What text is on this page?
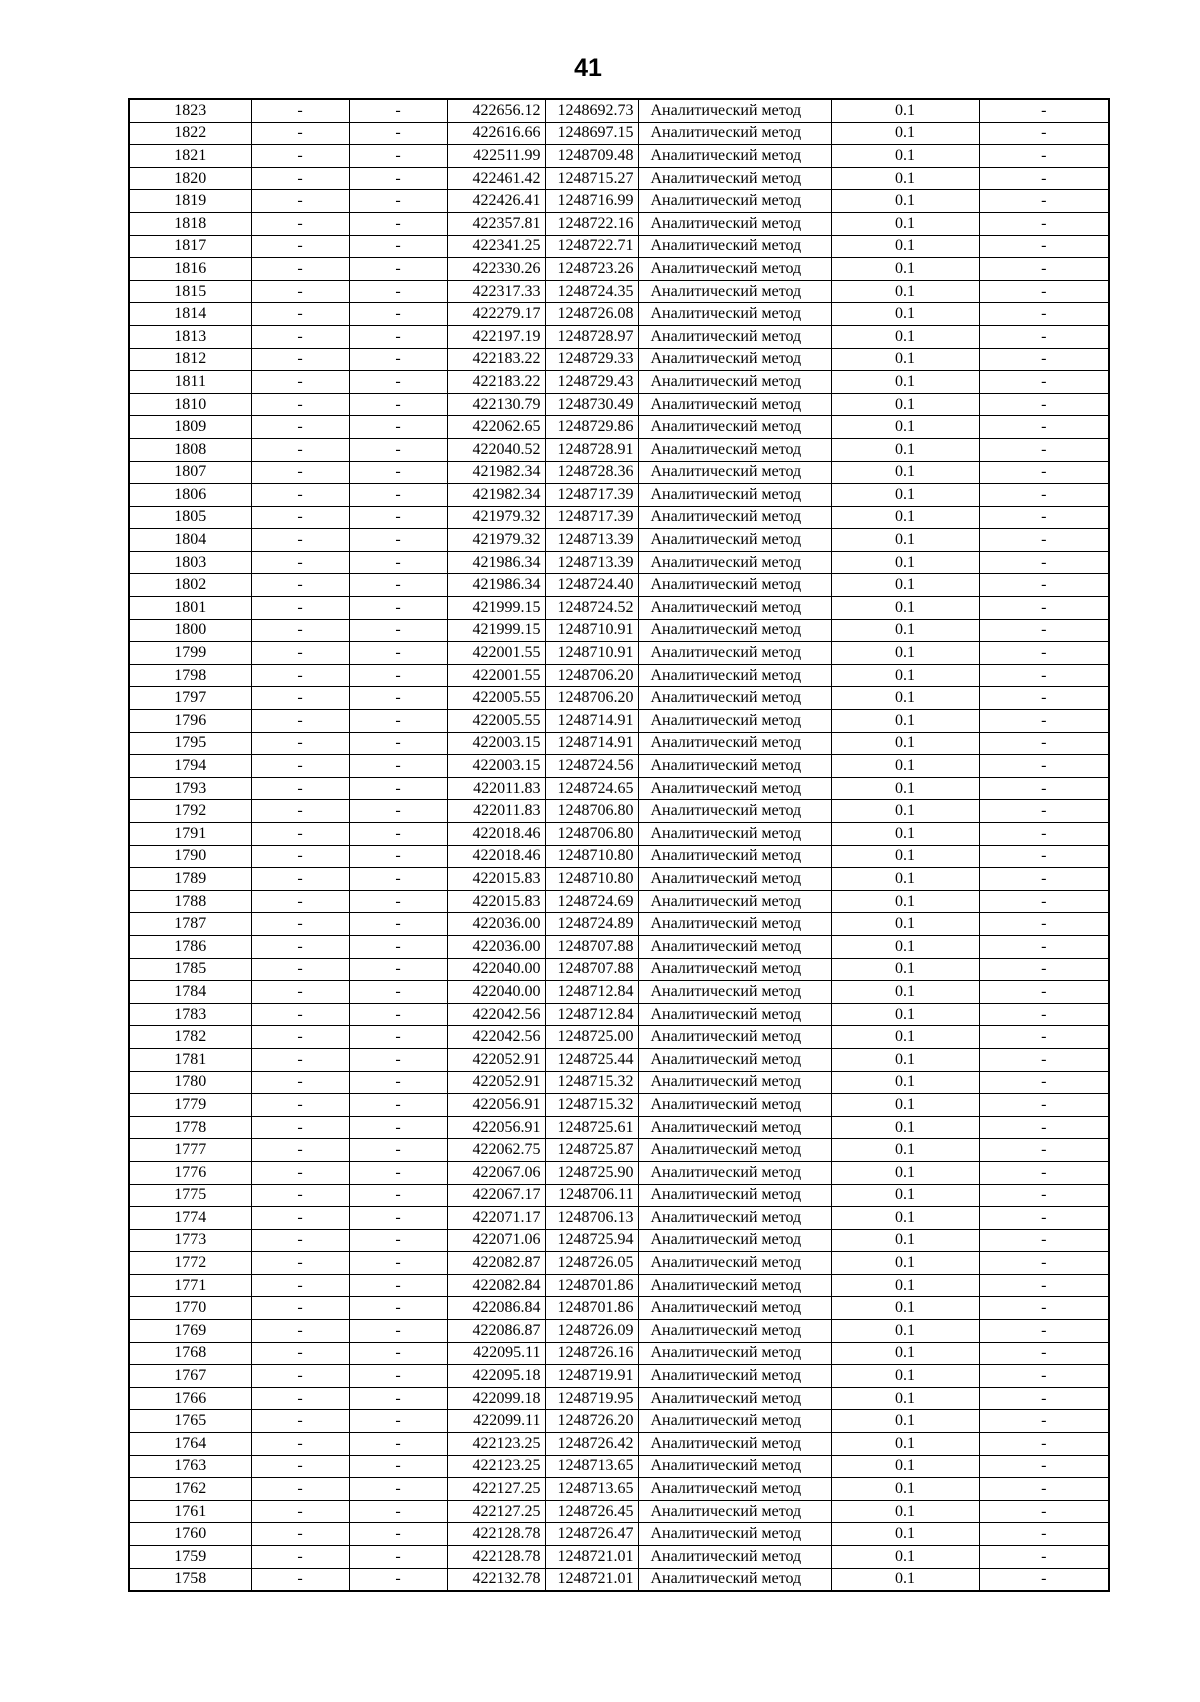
41
1823	-	-	422656.12	1248692.73	Аналитический метод	0.1	-
1822	-	-	422616.66	1248697.15	Аналитический метод	0.1	-
1821	-	-	422511.99	1248709.48	Аналитический метод	0.1	-
1820	-	-	422461.42	1248715.27	Аналитический метод	0.1	-
1819	-	-	422426.41	1248716.99	Аналитический метод	0.1	-
1818	-	-	422357.81	1248722.16	Аналитический метод	0.1	-
1817	-	-	422341.25	1248722.71	Аналитический метод	0.1	-
1816	-	-	422330.26	1248723.26	Аналитический метод	0.1	-
1815	-	-	422317.33	1248724.35	Аналитический метод	0.1	-
1814	-	-	422279.17	1248726.08	Аналитический метод	0.1	-
1813	-	-	422197.19	1248728.97	Аналитический метод	0.1	-
1812	-	-	422183.22	1248729.33	Аналитический метод	0.1	-
1811	-	-	422183.22	1248729.43	Аналитический метод	0.1	-
1810	-	-	422130.79	1248730.49	Аналитический метод	0.1	-
1809	-	-	422062.65	1248729.86	Аналитический метод	0.1	-
1808	-	-	422040.52	1248728.91	Аналитический метод	0.1	-
1807	-	-	421982.34	1248728.36	Аналитический метод	0.1	-
1806	-	-	421982.34	1248717.39	Аналитический метод	0.1	-
1805	-	-	421979.32	1248717.39	Аналитический метод	0.1	-
1804	-	-	421979.32	1248713.39	Аналитический метод	0.1	-
1803	-	-	421986.34	1248713.39	Аналитический метод	0.1	-
1802	-	-	421986.34	1248724.40	Аналитический метод	0.1	-
1801	-	-	421999.15	1248724.52	Аналитический метод	0.1	-
1800	-	-	421999.15	1248710.91	Аналитический метод	0.1	-
1799	-	-	422001.55	1248710.91	Аналитический метод	0.1	-
1798	-	-	422001.55	1248706.20	Аналитический метод	0.1	-
1797	-	-	422005.55	1248706.20	Аналитический метод	0.1	-
1796	-	-	422005.55	1248714.91	Аналитический метод	0.1	-
1795	-	-	422003.15	1248714.91	Аналитический метод	0.1	-
1794	-	-	422003.15	1248724.56	Аналитический метод	0.1	-
1793	-	-	422011.83	1248724.65	Аналитический метод	0.1	-
1792	-	-	422011.83	1248706.80	Аналитический метод	0.1	-
1791	-	-	422018.46	1248706.80	Аналитический метод	0.1	-
1790	-	-	422018.46	1248710.80	Аналитический метод	0.1	-
1789	-	-	422015.83	1248710.80	Аналитический метод	0.1	-
1788	-	-	422015.83	1248724.69	Аналитический метод	0.1	-
1787	-	-	422036.00	1248724.89	Аналитический метод	0.1	-
1786	-	-	422036.00	1248707.88	Аналитический метод	0.1	-
1785	-	-	422040.00	1248707.88	Аналитический метод	0.1	-
1784	-	-	422040.00	1248712.84	Аналитический метод	0.1	-
1783	-	-	422042.56	1248712.84	Аналитический метод	0.1	-
1782	-	-	422042.56	1248725.00	Аналитический метод	0.1	-
1781	-	-	422052.91	1248725.44	Аналитический метод	0.1	-
1780	-	-	422052.91	1248715.32	Аналитический метод	0.1	-
1779	-	-	422056.91	1248715.32	Аналитический метод	0.1	-
1778	-	-	422056.91	1248725.61	Аналитический метод	0.1	-
1777	-	-	422062.75	1248725.87	Аналитический метод	0.1	-
1776	-	-	422067.06	1248725.90	Аналитический метод	0.1	-
1775	-	-	422067.17	1248706.11	Аналитический метод	0.1	-
1774	-	-	422071.17	1248706.13	Аналитический метод	0.1	-
1773	-	-	422071.06	1248725.94	Аналитический метод	0.1	-
1772	-	-	422082.87	1248726.05	Аналитический метод	0.1	-
1771	-	-	422082.84	1248701.86	Аналитический метод	0.1	-
1770	-	-	422086.84	1248701.86	Аналитический метод	0.1	-
1769	-	-	422086.87	1248726.09	Аналитический метод	0.1	-
1768	-	-	422095.11	1248726.16	Аналитический метод	0.1	-
1767	-	-	422095.18	1248719.91	Аналитический метод	0.1	-
1766	-	-	422099.18	1248719.95	Аналитический метод	0.1	-
1765	-	-	422099.11	1248726.20	Аналитический метод	0.1	-
1764	-	-	422123.25	1248726.42	Аналитический метод	0.1	-
1763	-	-	422123.25	1248713.65	Аналитический метод	0.1	-
1762	-	-	422127.25	1248713.65	Аналитический метод	0.1	-
1761	-	-	422127.25	1248726.45	Аналитический метод	0.1	-
1760	-	-	422128.78	1248726.47	Аналитический метод	0.1	-
1759	-	-	422128.78	1248721.01	Аналитический метод	0.1	-
1758	-	-	422132.78	1248721.01	Аналитический метод	0.1	-
